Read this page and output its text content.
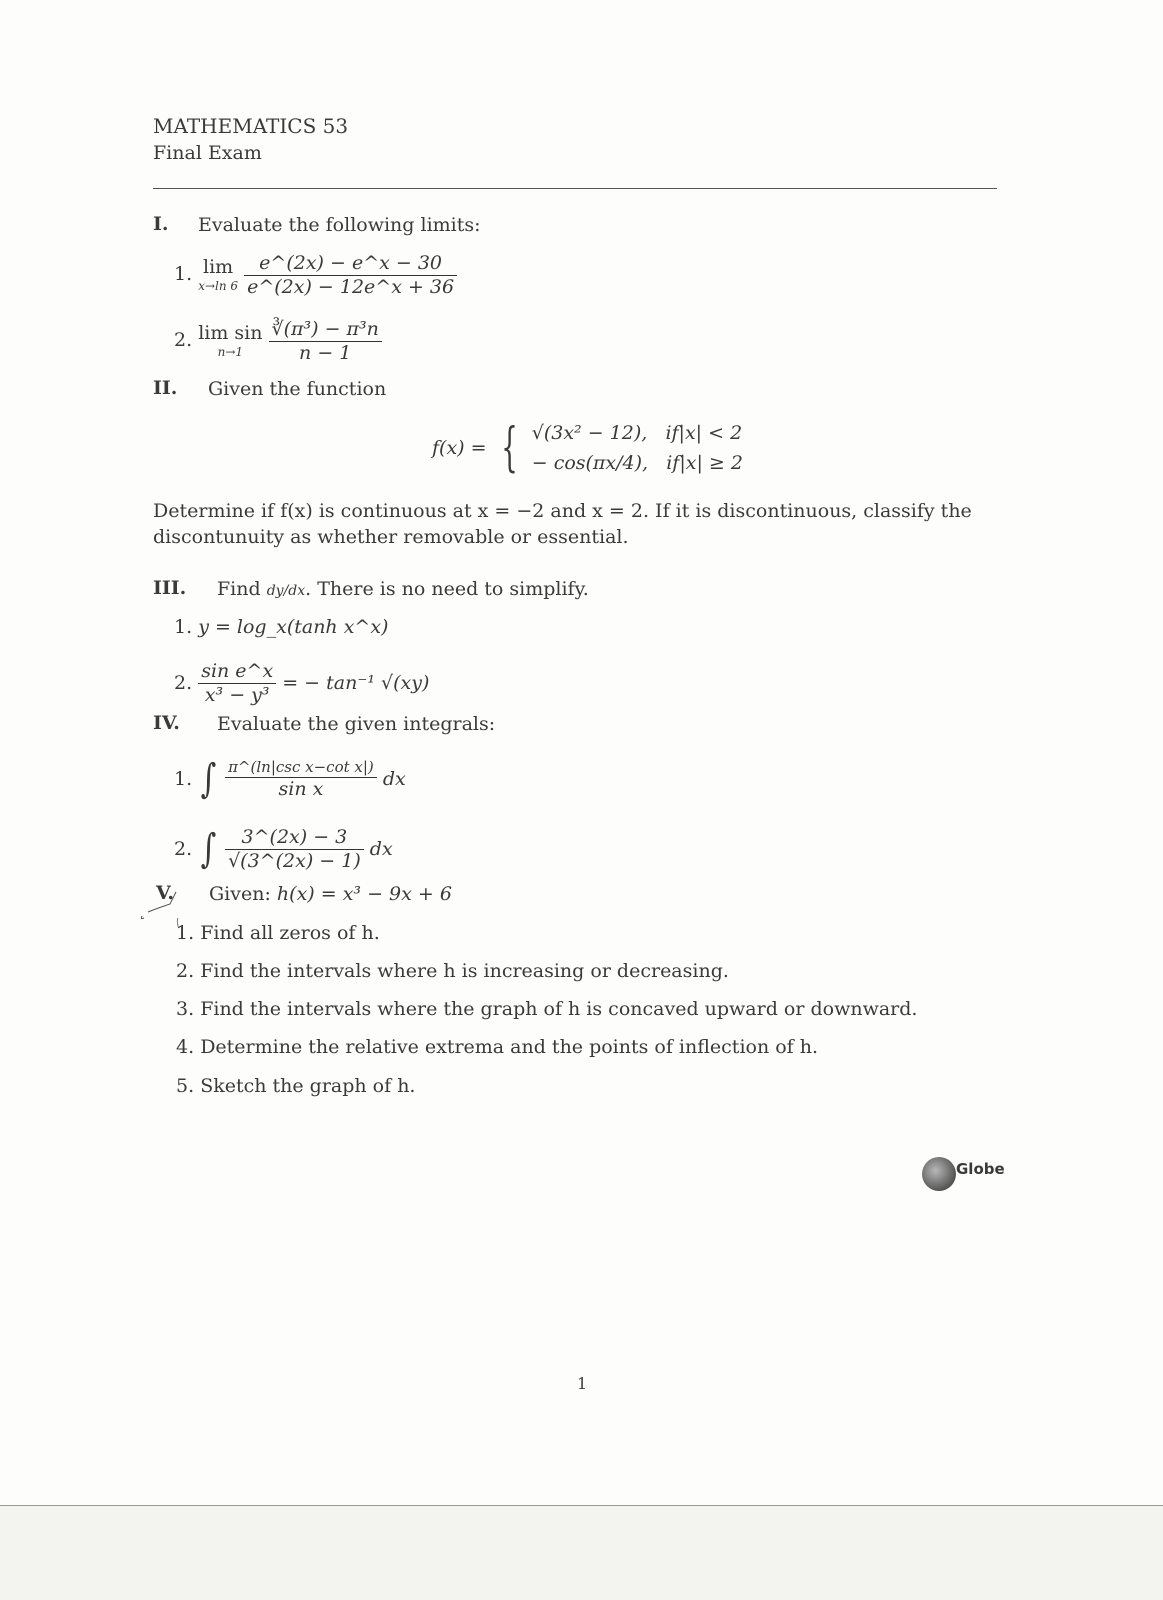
MATHEMATICS 53
Final Exam
I. Evaluate the following limits:
1. lim
x→ln 6
$\frac{e\^{}(2x) - e\^{}x - 30}{e\^{}(2x) - 12e\^{}x + 36}$
2. lim sin
n→1
	$\frac{\text{∛(π³) − π³n}}{n - 1}$
II. Given the function
f(x) = { √(3x² − 12), if|x| < 2
− cos(πx/4), if|x| ≥ 2
Determine if f(x) is continuous at x = −2 and x = 2. If it is discontinuous, classify the
discontunuity as whether removable or essential.
III. Find dy/dx. There is no need to simplify.
1. y = log_x(tanh x^x)
2. $\frac{\text{sin e\textasciicircum{}x}}{\text{x³ − y³}}$ = − tan⁻¹ √(xy)
IV. Evaluate the given integrals:
1. ∫ $\frac{\text{π\textasciicircum{}(ln|csc x−cot x|)}}{\text{sin x}}$ dx
2. ∫ $\frac{3\^{}(2x) - 3}{√(3\^{}(2x) - 1)}$ dx
V. Given: h(x) = x³ − 9x + 6
1. Find all zeros of h.
2. Find the intervals where h is increasing or decreasing.
3. Find the intervals where the graph of h is concaved upward or downward.
4. Determine the relative extrema and the points of inflection of h.
5. Sketch the graph of h.
Globe
1
